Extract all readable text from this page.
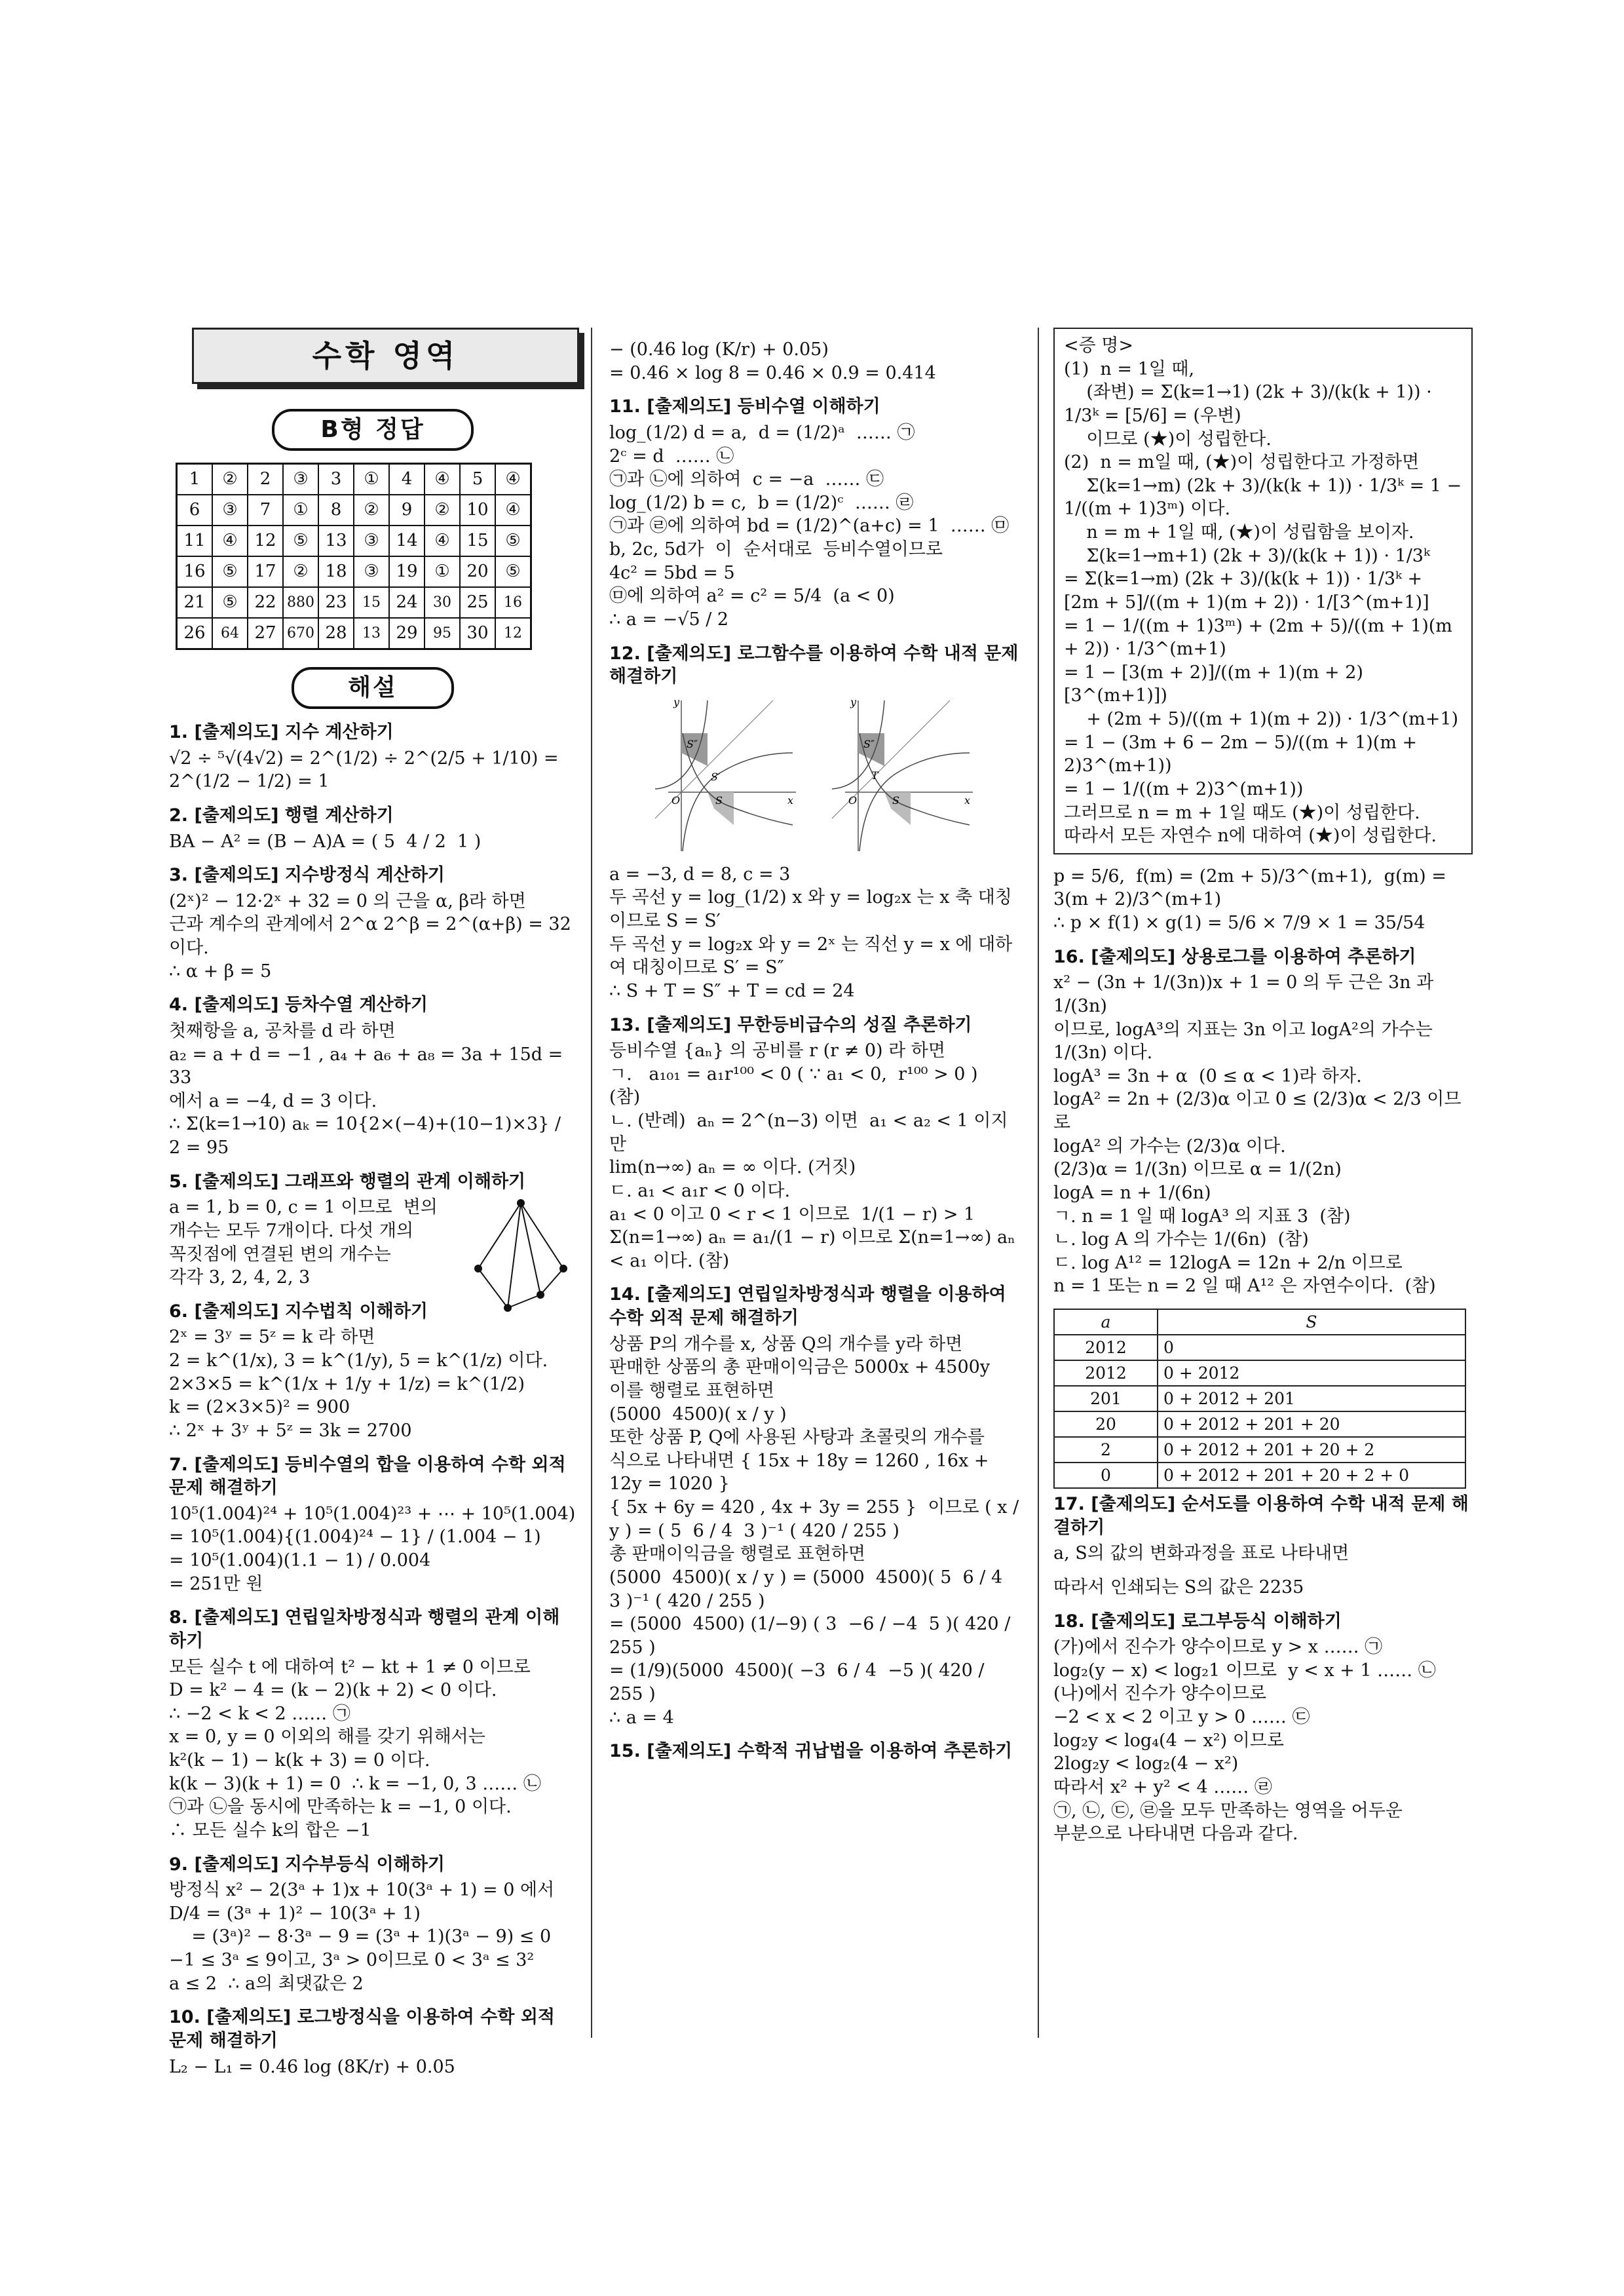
수학 영역
B형 정답
1	②	2	③	3	①	4	④	5	④
6	③	7	①	8	②	9	②	10	④
11	④	12	⑤	13	③	14	④	15	⑤
16	⑤	17	②	18	③	19	①	20	⑤
21	⑤	22	880	23	15	24	30	25	16
26	64	27	670	28	13	29	95	30	12
해설
1. [출제의도] 지수 계산하기
√2 ÷ ⁵√(4√2) = 2^(1/2) ÷ 2^(2/5 + 1/10) = 2^(1/2 − 1/2) = 1
2. [출제의도] 행렬 계산하기
BA − A² = (B − A)A = ( 5  4 / 2  1 )
3. [출제의도] 지수방정식 계산하기
(2ˣ)² − 12·2ˣ + 32 = 0 의 근을 α, β라 하면
근과 계수의 관계에서 2^α 2^β = 2^(α+β) = 32 이다.
∴ α + β = 5
4. [출제의도] 등차수열 계산하기
첫째항을 a, 공차를 d 라 하면
a₂ = a + d = −1 , a₄ + a₆ + a₈ = 3a + 15d = 33
에서 a = −4, d = 3 이다.
∴ Σ(k=1→10) aₖ = 10{2×(−4)+(10−1)×3} / 2 = 95
5. [출제의도] 그래프와 행렬의 관계 이해하기
a = 1, b = 0, c = 1 이므로  변의
개수는 모두 7개이다. 다섯 개의
꼭짓점에 연결된 변의 개수는
각각 3, 2, 4, 2, 3
6. [출제의도] 지수법칙 이해하기
2ˣ = 3ʸ = 5ᶻ = k 라 하면
2 = k^(1/x), 3 = k^(1/y), 5 = k^(1/z) 이다.
2×3×5 = k^(1/x + 1/y + 1/z) = k^(1/2)
k = (2×3×5)² = 900
∴ 2ˣ + 3ʸ + 5ᶻ = 3k = 2700
7. [출제의도] 등비수열의 합을 이용하여 수학 외적 문제 해결하기
10⁵(1.004)²⁴ + 10⁵(1.004)²³ + ⋯ + 10⁵(1.004)
= 10⁵(1.004){(1.004)²⁴ − 1} / (1.004 − 1)
= 10⁵(1.004)(1.1 − 1) / 0.004
= 251만 원
8. [출제의도] 연립일차방정식과 행렬의 관계 이해하기
모든 실수 t 에 대하여 t² − kt + 1 ≠ 0 이므로
D = k² − 4 = (k − 2)(k + 2) < 0 이다.
∴ −2 < k < 2 …… ㉠
x = 0, y = 0 이외의 해를 갖기 위해서는
k²(k − 1) − k(k + 3) = 0 이다.
k(k − 3)(k + 1) = 0  ∴ k = −1, 0, 3 …… ㉡
㉠과 ㉡을 동시에 만족하는 k = −1, 0 이다.
∴ 모든 실수 k의 합은 −1
9. [출제의도] 지수부등식 이해하기
방정식 x² − 2(3ᵃ + 1)x + 10(3ᵃ + 1) = 0 에서
D/4 = (3ᵃ + 1)² − 10(3ᵃ + 1)
= (3ᵃ)² − 8·3ᵃ − 9 = (3ᵃ + 1)(3ᵃ − 9) ≤ 0
−1 ≤ 3ᵃ ≤ 9이고, 3ᵃ > 0이므로 0 < 3ᵃ ≤ 3²
a ≤ 2  ∴ a의 최댓값은 2
10. [출제의도] 로그방정식을 이용하여 수학 외적 문제 해결하기
L₂ − L₁ = 0.46 log (8K/r) + 0.05
− (0.46 log (K/r) + 0.05)
= 0.46 × log 8 = 0.46 × 0.9 = 0.414
11. [출제의도] 등비수열 이해하기
log_(1/2) d = a,  d = (1/2)ᵃ  …… ㉠
2ᶜ = d  …… ㉡
㉠과 ㉡에 의하여  c = −a  …… ㉢
log_(1/2) b = c,  b = (1/2)ᶜ  …… ㉣
㉠과 ㉣에 의하여 bd = (1/2)^(a+c) = 1  …… ㉤
b, 2c, 5d가  이  순서대로  등비수열이므로
4c² = 5bd = 5
㉤에 의하여 a² = c² = 5/4  (a < 0)
∴ a = −√5 / 2
12. [출제의도] 로그함수를 이용하여 수학 내적 문제 해결하기
y
x
O
S″
S′
S
y
x
O
S″
T
S
a = −3, d = 8, c = 3
두 곡선 y = log_(1/2) x 와 y = log₂x 는 x 축 대칭이므로 S = S′
두 곡선 y = log₂x 와 y = 2ˣ 는 직선 y = x 에 대하여 대칭이므로 S′ = S″
∴ S + T = S″ + T = cd = 24
13. [출제의도] 무한등비급수의 성질 추론하기
등비수열 {aₙ} 의 공비를 r (r ≠ 0) 라 하면
ㄱ.   a₁₀₁ = a₁r¹⁰⁰ < 0 ( ∵ a₁ < 0,  r¹⁰⁰ > 0 )
(참)
ㄴ. (반례)  aₙ = 2^(n−3) 이면  a₁ < a₂ < 1 이지만
lim(n→∞) aₙ = ∞ 이다. (거짓)
ㄷ. a₁ < a₁r < 0 이다.
a₁ < 0 이고 0 < r < 1 이므로  1/(1 − r) > 1
Σ(n=1→∞) aₙ = a₁/(1 − r) 이므로 Σ(n=1→∞) aₙ < a₁ 이다. (참)
14. [출제의도] 연립일차방정식과 행렬을 이용하여 수학 외적 문제 해결하기
상품 P의 개수를 x, 상품 Q의 개수를 y라 하면
판매한 상품의 총 판매이익금은 5000x + 4500y
이를 행렬로 표현하면
(5000  4500)( x / y )
또한 상품 P, Q에 사용된 사탕과 초콜릿의 개수를
식으로 나타내면 { 15x + 18y = 1260 , 16x + 12y = 1020 }
{ 5x + 6y = 420 , 4x + 3y = 255 }  이므로 ( x / y ) = ( 5  6 / 4  3 )⁻¹ ( 420 / 255 )
총 판매이익금을 행렬로 표현하면
(5000  4500)( x / y ) = (5000  4500)( 5  6 / 4  3 )⁻¹ ( 420 / 255 )
= (5000  4500) (1/−9) ( 3  −6 / −4  5 )( 420 / 255 )
= (1/9)(5000  4500)( −3  6 / 4  −5 )( 420 / 255 )
∴ a = 4
15. [출제의도] 수학적 귀납법을 이용하여 추론하기
<증 명>
(1)  n = 1일 때,
(좌변) = Σ(k=1→1) (2k + 3)/(k(k + 1)) · 1/3ᵏ = [5/6] = (우변)
이므로 (★)이 성립한다.
(2)  n = m일 때, (★)이 성립한다고 가정하면
Σ(k=1→m) (2k + 3)/(k(k + 1)) · 1/3ᵏ = 1 − 1/((m + 1)3ᵐ) 이다.
n = m + 1일 때, (★)이 성립함을 보이자.
Σ(k=1→m+1) (2k + 3)/(k(k + 1)) · 1/3ᵏ
= Σ(k=1→m) (2k + 3)/(k(k + 1)) · 1/3ᵏ + [2m + 5]/((m + 1)(m + 2)) · 1/[3^(m+1)]
= 1 − 1/((m + 1)3ᵐ) + (2m + 5)/((m + 1)(m + 2)) · 1/3^(m+1)
= 1 − [3(m + 2)]/((m + 1)(m + 2)[3^(m+1)])
+ (2m + 5)/((m + 1)(m + 2)) · 1/3^(m+1)
= 1 − (3m + 6 − 2m − 5)/((m + 1)(m + 2)3^(m+1))
= 1 − 1/((m + 2)3^(m+1))
그러므로 n = m + 1일 때도 (★)이 성립한다.
따라서 모든 자연수 n에 대하여 (★)이 성립한다.
p = 5/6,  f(m) = (2m + 5)/3^(m+1),  g(m) = 3(m + 2)/3^(m+1)
∴ p × f(1) × g(1) = 5/6 × 7/9 × 1 = 35/54
16. [출제의도] 상용로그를 이용하여 추론하기
x² − (3n + 1/(3n))x + 1 = 0 의 두 근은 3n 과 1/(3n)
이므로, logA³의 지표는 3n 이고 logA²의 가수는 1/(3n) 이다.
logA³ = 3n + α  (0 ≤ α < 1)라 하자.
logA² = 2n + (2/3)α 이고 0 ≤ (2/3)α < 2/3 이므로
logA² 의 가수는 (2/3)α 이다.
(2/3)α = 1/(3n) 이므로 α = 1/(2n)
logA = n + 1/(6n)
ㄱ. n = 1 일 때 logA³ 의 지표 3  (참)
ㄴ. log A 의 가수는 1/(6n)  (참)
ㄷ. log A¹² = 12logA = 12n + 2/n 이므로
n = 1 또는 n = 2 일 때 A¹² 은 자연수이다.  (참)
a	S
2012	0
2012	0 + 2012
201	0 + 2012 + 201
20	0 + 2012 + 201 + 20
2	0 + 2012 + 201 + 20 + 2
0	0 + 2012 + 201 + 20 + 2 + 0
17. [출제의도] 순서도를 이용하여 수학 내적 문제 해결하기
a, S의 값의 변화과정을 표로 나타내면
따라서 인쇄되는 S의 값은 2235
18. [출제의도] 로그부등식 이해하기
(가)에서 진수가 양수이므로 y > x …… ㉠
log₂(y − x) < log₂1 이므로  y < x + 1 …… ㉡
(나)에서 진수가 양수이므로
−2 < x < 2 이고 y > 0 …… ㉢
log₂y < log₄(4 − x²) 이므로
2log₂y < log₂(4 − x²)
따라서 x² + y² < 4 …… ㉣
㉠, ㉡, ㉢, ㉣을 모두 만족하는 영역을 어두운
부분으로 나타내면 다음과 같다.
